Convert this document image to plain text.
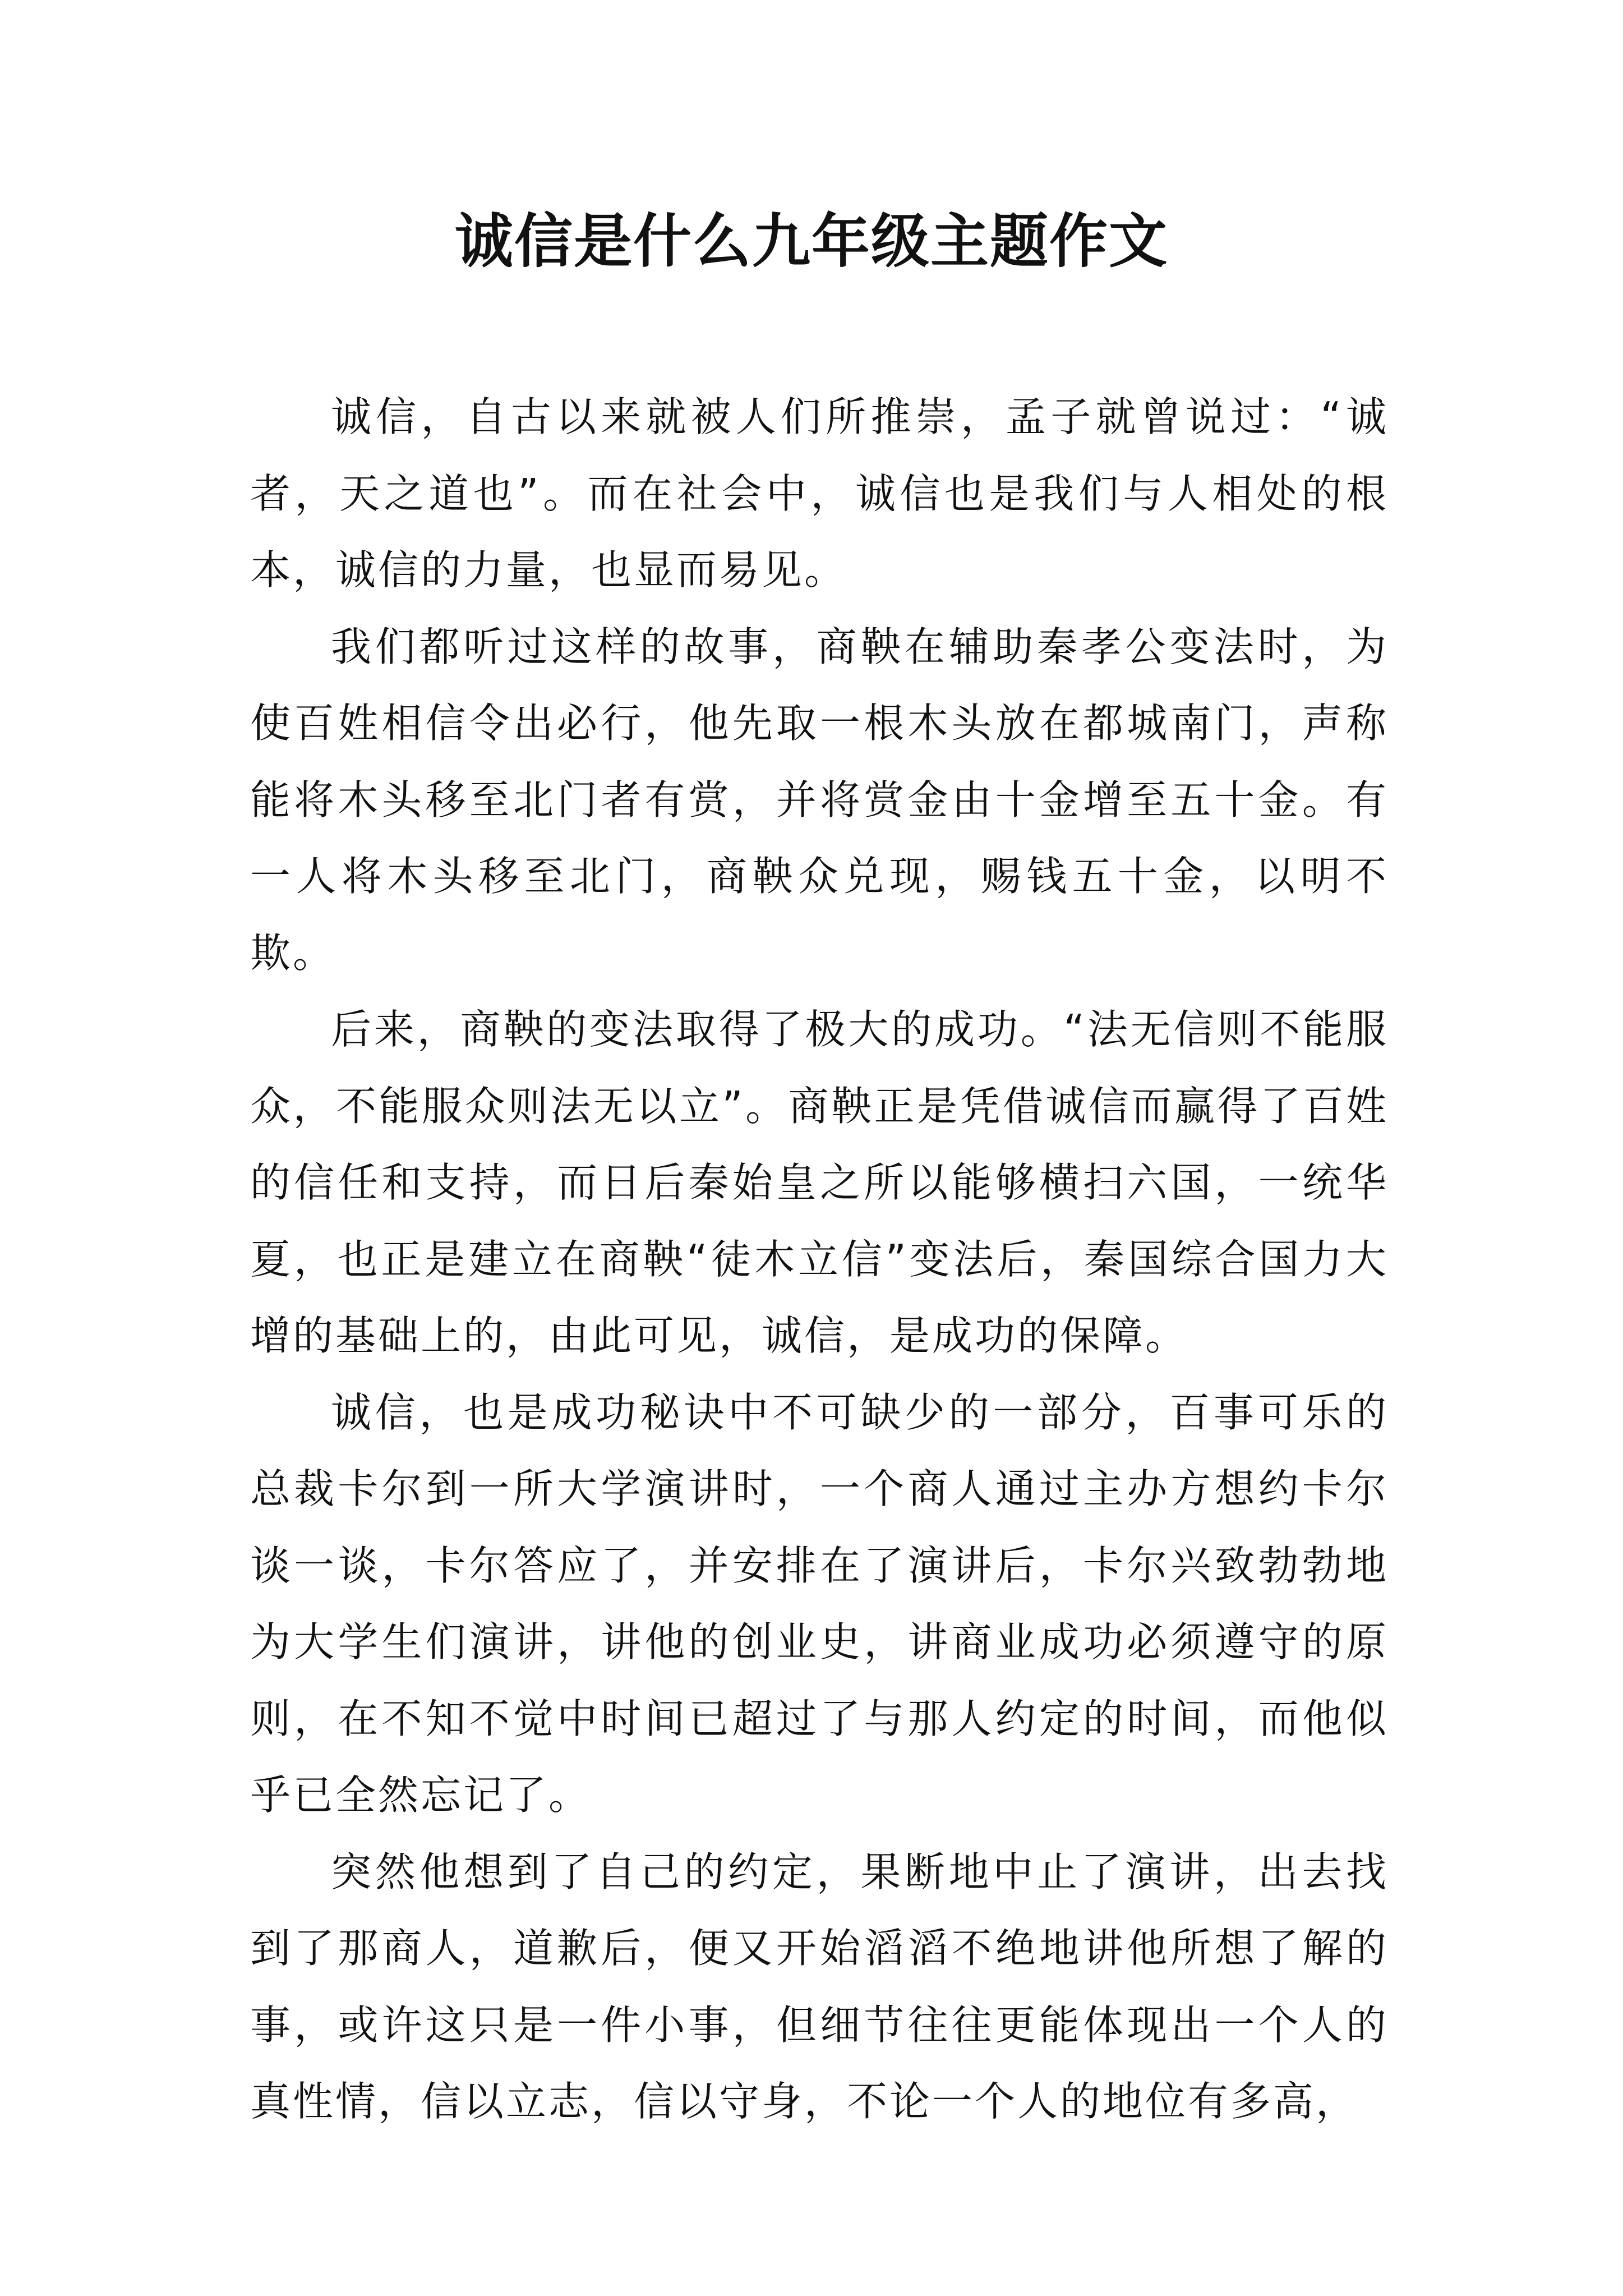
诚信是什么九年级主题作文

诚信，自古以来就被人们所推崇，孟子就曾说过：“诚者，天之道也”。而在社会中，诚信也是我们与人相处的根本，诚信的力量，也显而易见。

我们都听过这样的故事，商鞅在辅助秦孝公变法时，为使百姓相信令出必行，他先取一根木头放在都城南门，声称能将木头移至北门者有赏，并将赏金由十金增至五十金。有一人将木头移至北门，商鞅众兑现，赐钱五十金，以明不欺。

后来，商鞅的变法取得了极大的成功。“法无信则不能服众，不能服众则法无以立”。商鞅正是凭借诚信而赢得了百姓的信任和支持，而日后秦始皇之所以能够横扫六国，一统华夏，也正是建立在商鞅“徒木立信”变法后，秦国综合国力大增的基础上的，由此可见，诚信，是成功的保障。

诚信，也是成功秘诀中不可缺少的一部分，百事可乐的总裁卡尔到一所大学演讲时，一个商人通过主办方想约卡尔谈一谈，卡尔答应了，并安排在了演讲后，卡尔兴致勃勃地为大学生们演讲，讲他的创业史，讲商业成功必须遵守的原则，在不知不觉中时间已超过了与那人约定的时间，而他似乎已全然忘记了。

突然他想到了自己的约定，果断地中止了演讲，出去找到了那商人，道歉后，便又开始滔滔不绝地讲他所想了解的事，或许这只是一件小事，但细节往往更能体现出一个人的真性情，信以立志，信以守身，不论一个人的地位有多高，
